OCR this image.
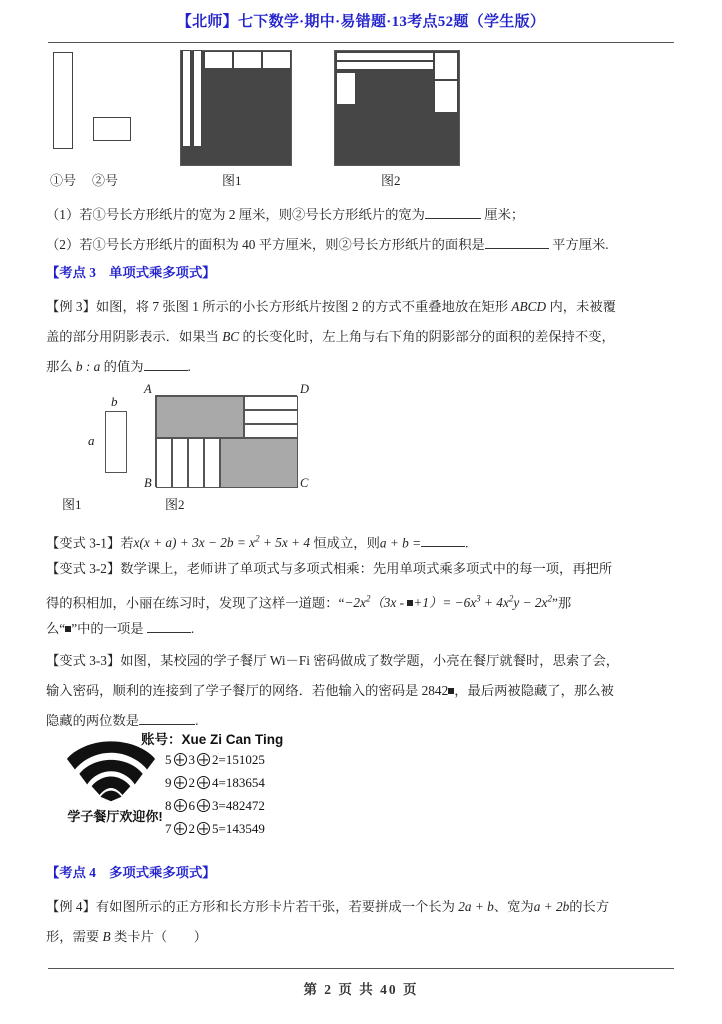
【北师】七下数学·期中·易错题·13考点52题（学生版）
①号 ②号	图1	图2
（1）若①号长方形纸片的宽为 2 厘米，则②号长方形纸片的宽为	厘米；
（2）若①号长方形纸片的面积为 40 平方厘米，则②号长方形纸片的面积是	平方厘米.
【考点 3　单项式乘多项式】
【例 3】如图，将 7 张图 1 所示的小长方形纸片按图 2 的方式不重叠地放在矩形 ABCD 内，未被覆
盖的部分用阴影表示．如果当 BC 的长变化时，左上角与右下角的阴影部分的面积的差保持不变，
那么 b : a 的值为	.
b
a
A
B	C
D
图1	图2
【变式 3-1】若$x(x + a) + 3x - 2b = x^2 + 5x + 4$ 恒成立，则a + b =	.
【变式 3-2】数学课上，老师讲了单项式与多项式相乘：先用单项式乘多项式中的每一项，再把所
得的积相加，小丽在练习时，发现了这样一道题：“$-2x^2(3x - +1)= -6x^3 + 4x^2y - 2x^2$”那
么“ ”中的一项是	.
【变式 3-3】如图，某校园的学子餐厅 Wi－Fi 密码做成了数学题，小亮在餐厅就餐时，思索了会，
输入密码，顺利的连接到了学子餐厅的网络．若他输入的密码是 2842 ，最后两被隐藏了，那么被
隐藏的两位数是	.
学子餐厅欢迎你!
账号：Xue Zi Can Ting
5 3 2=151025
9 2 4=183654
8 6 3=482472
7 2 5=143549
【考点 4　多项式乘多项式】
【例 4】有如图所示的正方形和长方形卡片若干张，若要拼成一个长为 2a + b、宽为a + 2b的长方
形，需要 B 类卡片（　　）
第 2 页 共 40 页
